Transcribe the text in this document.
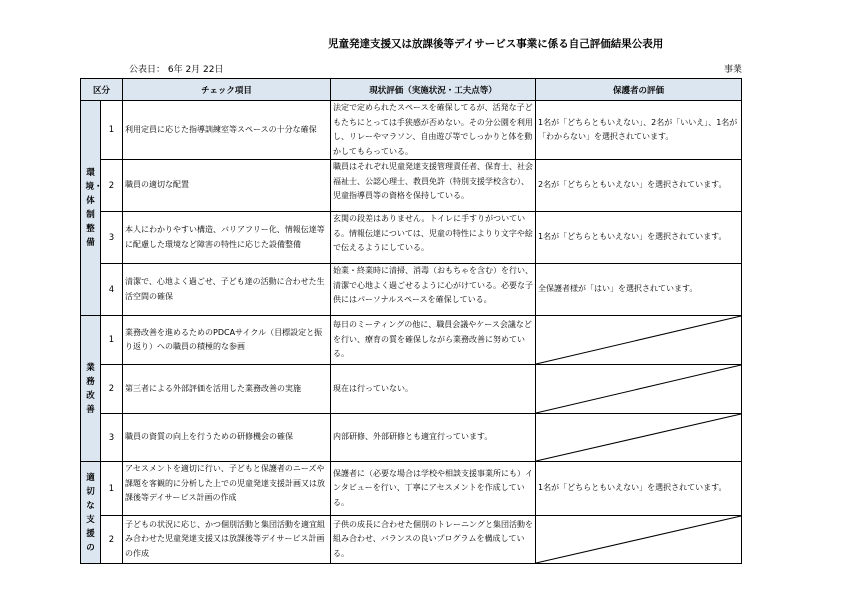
児童発達支援又は放課後等デイサービス事業に係る自己評価結果公表用
公表日： 6年 2月 22日	事業
区分		チェック項目	現状評価（実施状況・工夫点等）	保護者の評価
環境・体制整備	1	利用定員に応じた指導訓練室等スペースの十分な確保	法定で定められたスペースを確保してるが、活発な子どもたちにとっては手狭感が否めない。その分公園を利用し、リレーやマラソン、自由遊び等でしっかりと体を動かしてもらっている。	1名が「どちらともいえない」、2名が「いいえ」、1名が「わからない」を選択されています。
	2	職員の適切な配置	職員はそれぞれ児童発達支援管理責任者、保育士、社会福祉士、公認心理士、教員免許（特別支援学校含む）、児童指導員等の資格を保持している。	2名が「どちらともいえない」を選択されています。
	3	本人にわかりやすい構造、バリアフリー化、情報伝達等に配慮した環境など障害の特性に応じた設備整備	玄関の段差はありません。トイレに手すりがついている。情報伝達については、児童の特性によりり文字や絵で伝えるようにしている。	1名が「どちらともいえない」を選択されています。
	4	清潔で、心地よく過ごせ、子ども達の活動に合わせた生活空間の確保	始業・終業時に清掃、消毒（おもちゃを含む）を行い、清潔で心地よく過ごせるように心がけている。必要な子供にはパーソナルスペースを確保している。	全保護者様が「はい」を選択されています。
業務改善	1	業務改善を進めるためのPDCAサイクル（目標設定と振り返り）への職員の積極的な参画	毎日のミーティングの他に、職員会議やケース会議などを行い、療育の質を確保しながら業務改善に努めている。	

	2	第三者による外部評価を活用した業務改善の実施	現在は行っていない。	

	3	職員の資質の向上を行うための研修機会の確保	内部研修、外部研修とも適宜行っています。	

適切な支援の	1	アセスメントを適切に行い、子どもと保護者のニーズや課題を客観的に分析した上での児童発達支援計画又は放課後等デイサービス計画の作成	保護者に（必要な場合は学校や相談支援事業所にも）インタビューを行い、丁寧にアセスメントを作成している。	1名が「どちらともいえない」を選択されています。
	2	子どもの状況に応じ、かつ個別活動と集団活動を適宜組み合わせた児童発達支援又は放課後等デイサービス計画の作成	子供の成長に合わせた個別のトレーニングと集団活動を組み合わせ、バランスの良いプログラムを構成している。	
